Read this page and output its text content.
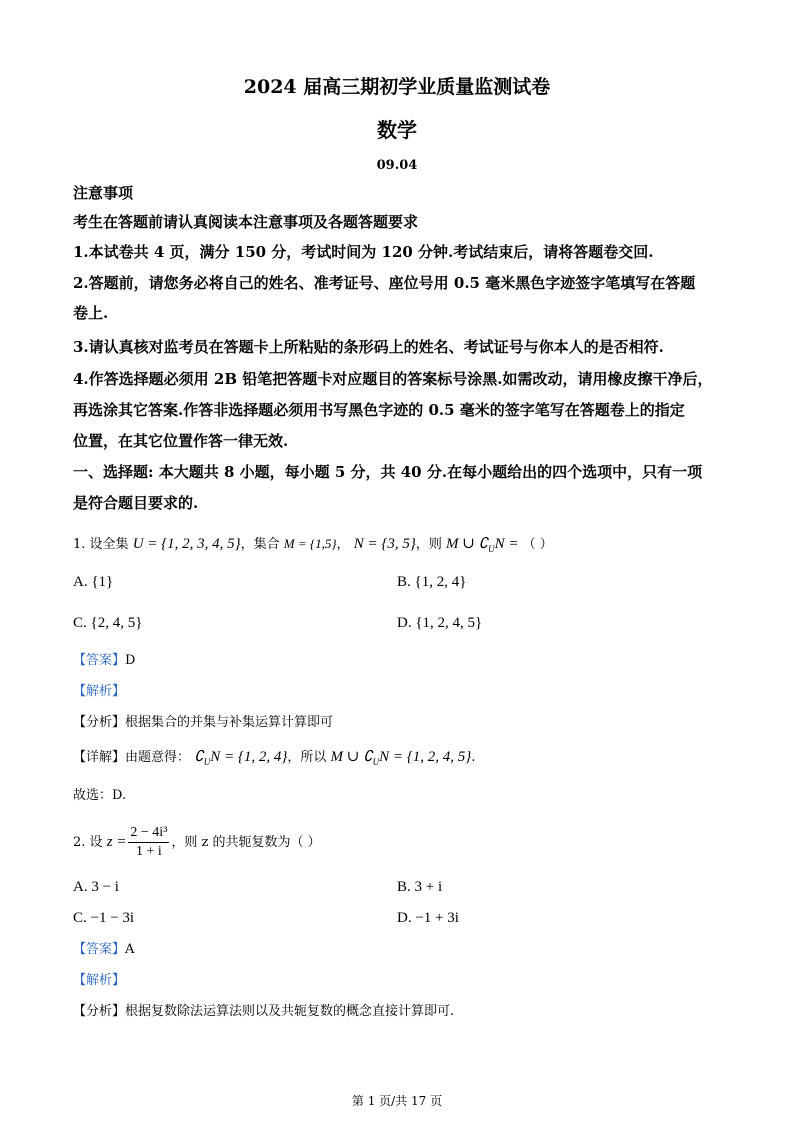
2024 届高三期初学业质量监测试卷
数学
09.04
注意事项
考生在答题前请认真阅读本注意事项及各题答题要求
1.本试卷共 4 页，满分 150 分，考试时间为 120 分钟.考试结束后，请将答题卷交回.
2.答题前，请您务必将自己的姓名、准考证号、座位号用 0.5 毫米黑色字迹签字笔填写在答题
卷上.
3.请认真核对监考员在答题卡上所粘贴的条形码上的姓名、考试证号与你本人的是否相符.
4.作答选择题必须用 2B 铅笔把答题卡对应题目的答案标号涂黑.如需改动，请用橡皮擦干净后，
再选涂其它答案.作答非选择题必须用书写黑色字迹的 0.5 毫米的签字笔写在答题卷上的指定
位置，在其它位置作答一律无效.
一、选择题: 本大题共 8 小题，每小题 5 分，共 40 分.在每小题给出的四个选项中，只有一项
是符合题目要求的.
1. 设全集 U = {1, 2, 3, 4, 5}，集合 M = {1,5}， N = {3, 5}，则 M ∪ $∁_UN$ = （ ）
A. {1}	B. {1, 2, 4}
C. {2, 4, 5}	D. {1, 2, 4, 5}
【答案】D
【解析】
【分析】根据集合的并集与补集运算计算即可
【详解】由题意得： $∁_UN = \{1$, 2, 4}，所以 M ∪ $∁_UN = \{1$, 2, 4, 5}.
故选：D.
2. 设 $z = \frac{\text{2 − 4i³}}{1 + i}$ ，则 z 的共轭复数为（ ）
A. 3 − i	B. 3 + i
C. −1 − 3i	D. −1 + 3i
【答案】A
【解析】
【分析】根据复数除法运算法则以及共轭复数的概念直接计算即可.
第 1 页/共 17 页
